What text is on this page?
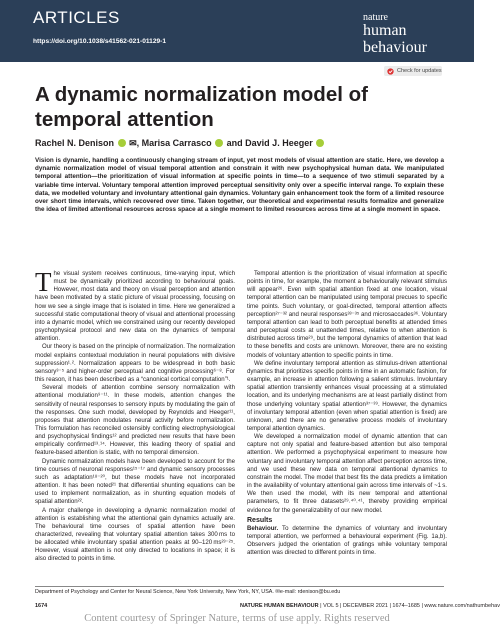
ARTICLES
https://doi.org/10.1038/s41562-021-01129-1
nature
human behaviour
Check for updates
A dynamic normalization model of temporal attention
Rachel N. Denison ✉, Marisa Carrasco  and David J. Heeger

Vision is dynamic, handling a continuously changing stream of input, yet most models of visual attention are static. Here, we develop a dynamic normalization model of visual temporal attention and constrain it with new psychophysical human data. We manipulated temporal attention—the prioritization of visual information at specific points in time—to a sequence of two stimuli separated by a variable time interval. Voluntary temporal attention improved perceptual sensitivity only over a specific interval range. To explain these data, we modelled voluntary and involuntary attentional gain dynamics. Voluntary gain enhancement took the form of a limited resource over short time intervals, which recovered over time. Taken together, our theoretical and experimental results formalize and generalize the idea of limited attentional resources across space at a single moment to limited resources across time at a single moment in space.

The visual system receives continuous, time-varying input, which must be dynamically prioritized according to behavioural goals. However, most data and theory on visual perception and attention have been motivated by a static picture of visual processing, focusing on how we see a single image that is isolated in time. Here we generalized a successful static computational theory of visual and attentional processing into a dynamic model, which we constrained using our recently developed psychophysical protocol and new data on the dynamics of temporal attention.

Our theory is based on the principle of normalization. The normalization model explains contextual modulation in neural populations with divisive suppression¹˒². Normalization appears to be widespread in both basic sensory³⁻⁵ and higher-order perceptual and cognitive processing⁶⁻⁸. For this reason, it has been described as a “canonical cortical computation”¹.

Several models of attention combine sensory normalization with attentional modulation⁹⁻¹¹. In these models, attention changes the sensitivity of neural responses to sensory inputs by modulating the gain of the responses. One such model, developed by Reynolds and Heeger¹¹, proposes that attention modulates neural activity before normalization. This formulation has reconciled ostensibly conflicting electrophysiological and psychophysical findings¹² and predicted new results that have been empirically confirmed¹³˒¹⁴. However, this leading theory of spatial and feature-based attention is static, with no temporal dimension.

Dynamic normalization models have been developed to account for the time courses of neuronal responses¹⁵⁻¹⁷ and dynamic sensory processes such as adaptation¹⁸⁻²⁰, but these models have not incorporated attention. It has been noted²¹ that differential shunting equations can be used to implement normalization, as in shunting equation models of spatial attention²².

A major challenge in developing a dynamic normalization model of attention is establishing what the attentional gain dynamics actually are. The behavioural time courses of spatial attention have been characterized, revealing that voluntary spatial attention takes 300 ms to be allocated while involuntary spatial attention peaks at 90–120 ms²³⁻²⁵. However, visual attention is not only directed to locations in space; it is also directed to points in time.

Temporal attention is the prioritization of visual information at specific points in time, for example, the moment a behaviourally relevant stimulus will appear²⁶. Even with spatial attention fixed at one location, visual temporal attention can be manipulated using temporal precues to specific time points. Such voluntary, or goal-directed, temporal attention affects perception²⁷⁻³² and neural responses³³⁻³⁵ and microsaccades³⁶. Voluntary temporal attention can lead to both perceptual benefits at attended times and perceptual costs at unattended times, relative to when attention is distributed across time²⁹, but the temporal dynamics of attention that lead to these benefits and costs are unknown. Moreover, there are no existing models of voluntary attention to specific points in time.

We define involuntary temporal attention as stimulus-driven attentional dynamics that prioritizes specific points in time in an automatic fashion, for example, an increase in attention following a salient stimulus. Involuntary spatial attention transiently enhances visual processing at a stimulated location, and its underlying mechanisms are at least partially distinct from those underlying voluntary spatial attention³⁷⁻³⁹. However, the dynamics of involuntary temporal attention (even when spatial attention is fixed) are unknown, and there are no generative process models of involuntary temporal attention dynamics.

We developed a normalization model of dynamic attention that can capture not only spatial and feature-based attention but also temporal attention. We performed a psychophysical experiment to measure how voluntary and involuntary temporal attention affect perception across time, and we used these new data on temporal attentional dynamics to constrain the model. The model that best fits the data predicts a limitation in the availability of voluntary attentional gain across time intervals of ~1 s. We then used the model, with its new temporal and attentional parameters, to fit three datasets²⁹˒⁴⁰˒⁴¹, thereby providing empirical evidence for the generalizability of our new model.

Results

Behaviour. To determine the dynamics of voluntary and involuntary temporal attention, we performed a behavioural experiment (Fig. 1a,b). Observers judged the orientation of gratings while voluntary temporal attention was directed to different points in time.

Department of Psychology and Center for Neural Science, New York University, New York, NY, USA. ✉e-mail: rdenison@bu.edu
1674	NATURE HUMAN BEHAVIOUR | VOL 5 | DECEMBER 2021 | 1674–1685 | www.nature.com/nathumbehav
Content courtesy of Springer Nature, terms of use apply. Rights reserved
